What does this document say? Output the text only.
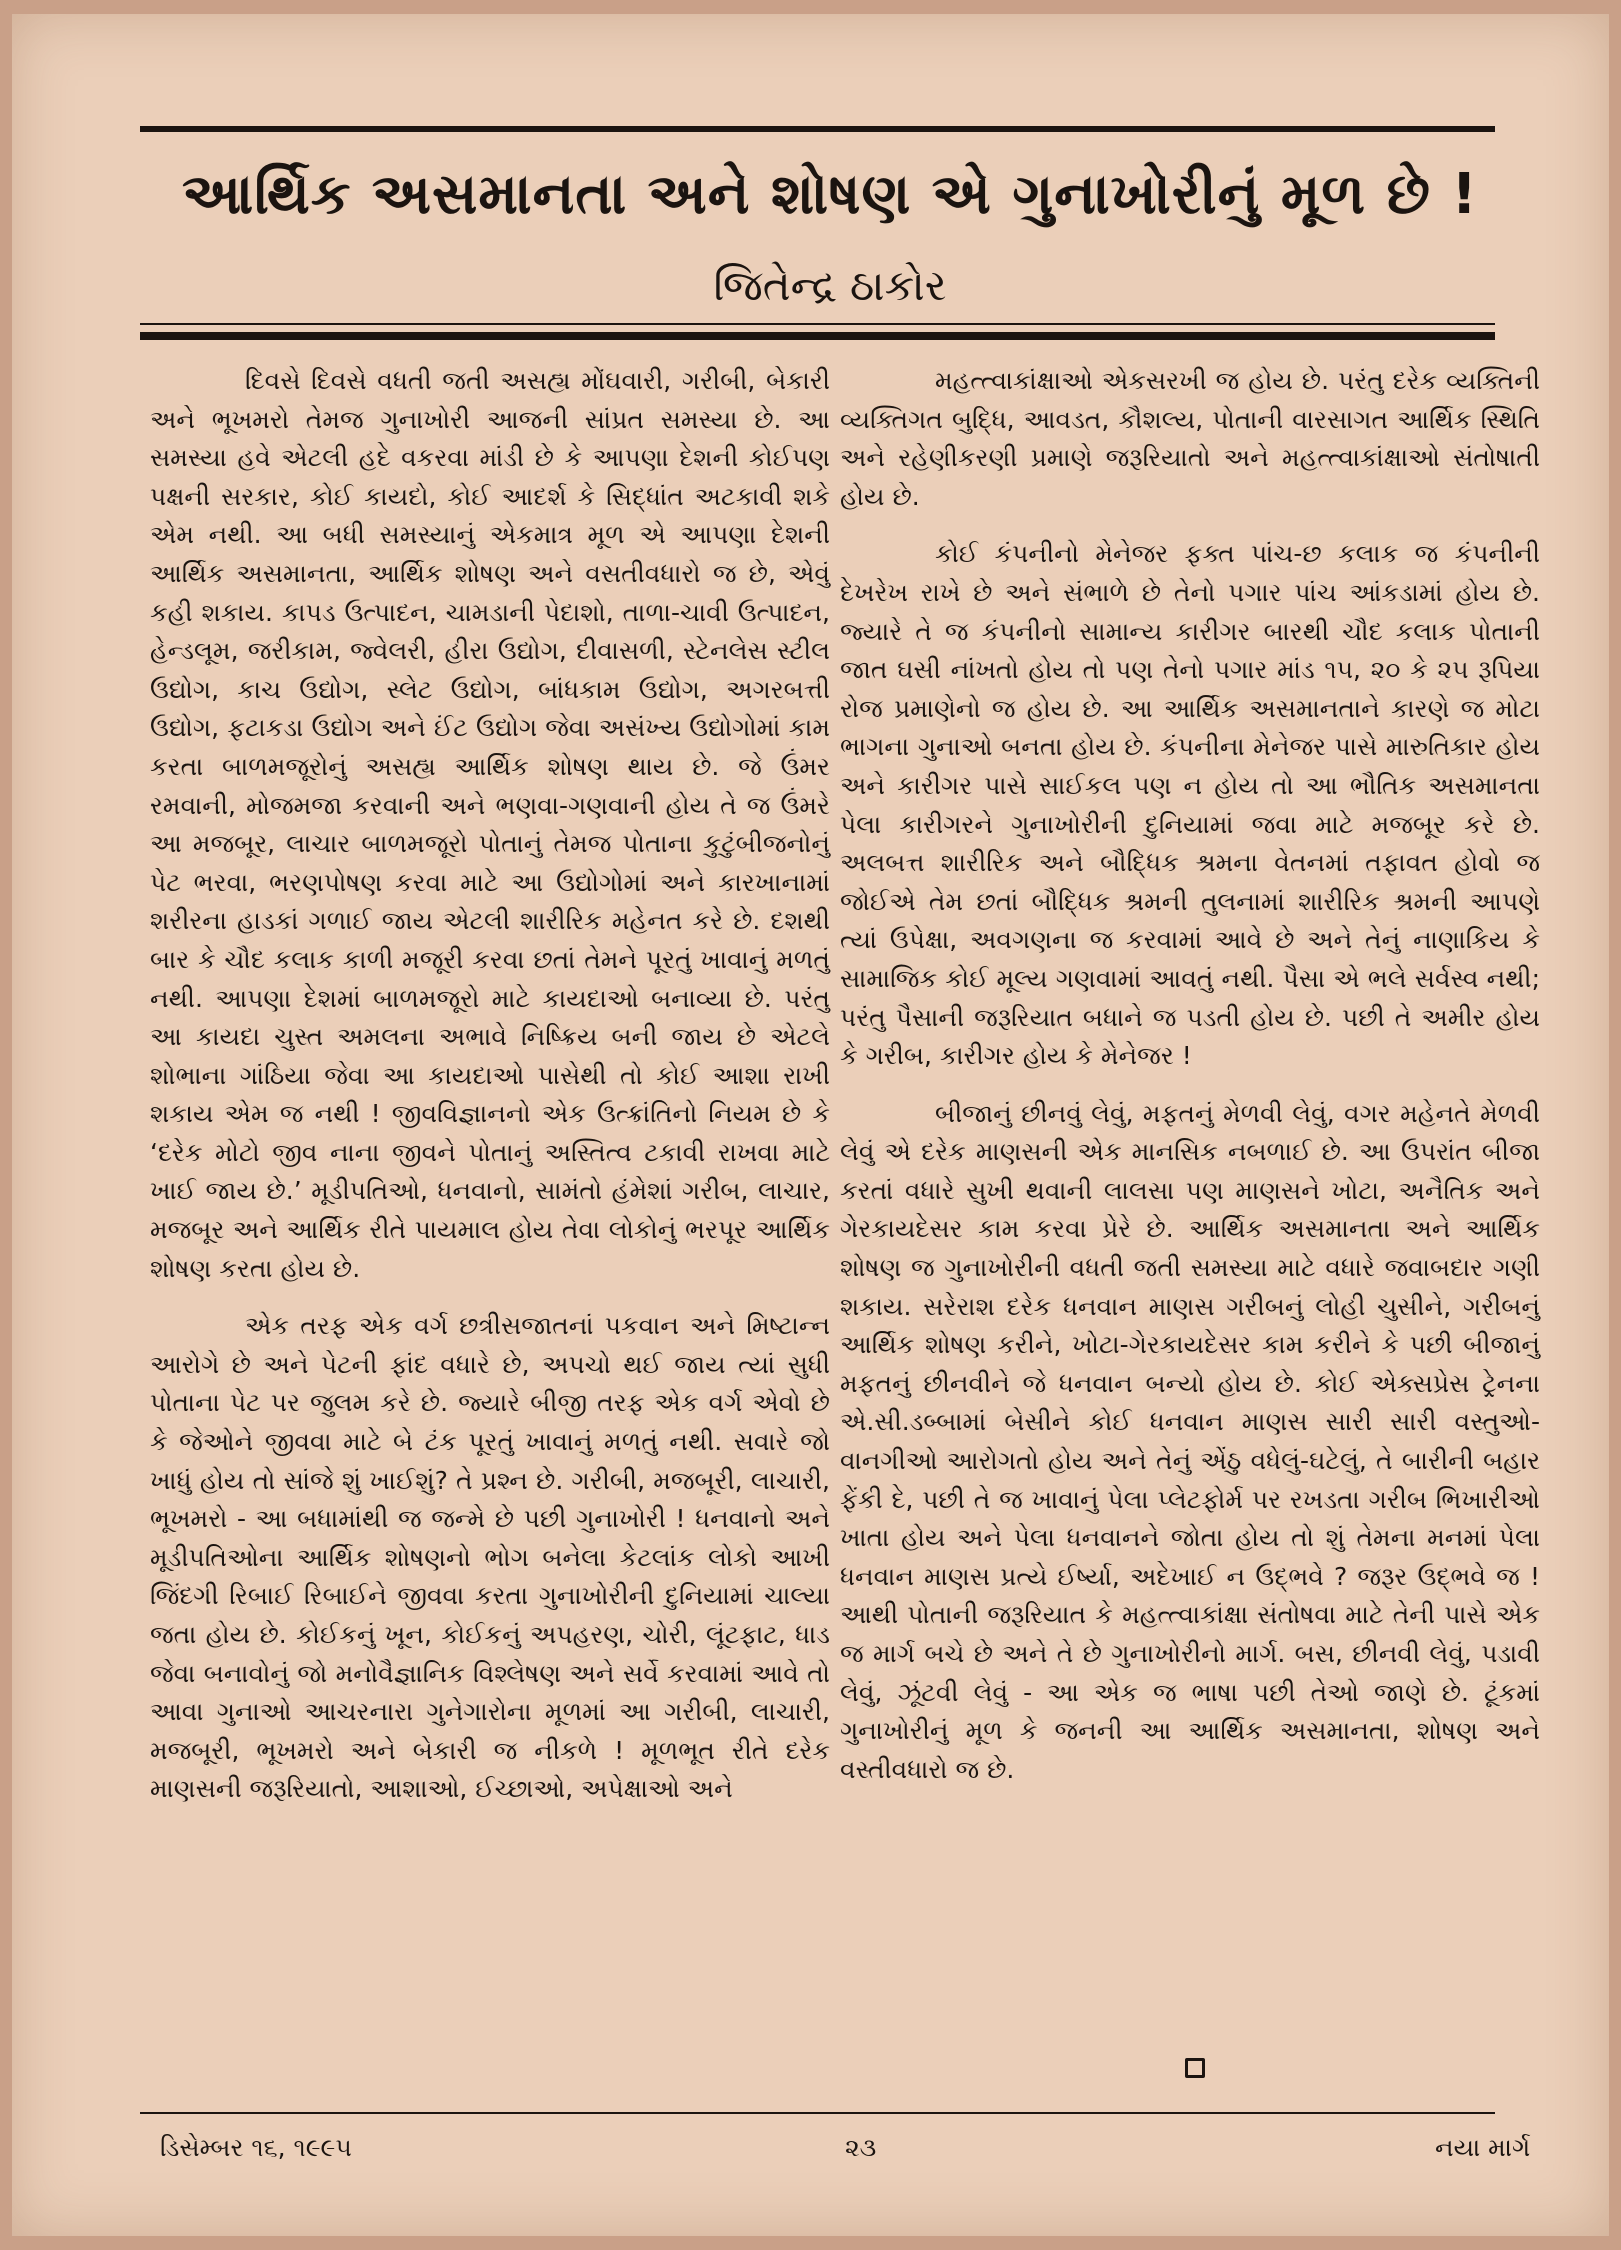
આર્થિક અસમાનતા અને શોષણ એ ગુનાખોરીનું મૂળ છે !
જિતેન્દ્ર ઠાકોર

દિવસે દિવસે વધતી જતી અસહ્ય મોંઘવારી, ગરીબી, બેકારી અને ભૂખમરો તેમજ ગુનાખોરી આજની સાંપ્રત સમસ્યા છે. આ સમસ્યા હવે એટલી હદે વકરવા માંડી છે કે આપણા દેશની કોઈપણ પક્ષની સરકાર, કોઈ કાયદો, કોઈ આદર્શ કે સિદ્ધાંત અટકાવી શકે એમ નથી. આ બધી સમસ્યાનું એકમાત્ર મૂળ એ આપણા દેશની આર્થિક અસમાનતા, આર્થિક શોષણ અને વસતીવધારો જ છે, એવું કહી શકાય. કાપડ ઉત્પાદન, ચામડાની પેદાશો, તાળા-ચાવી ઉત્પાદન, હેન્ડલૂમ, જરીકામ, જ્વેલરી, હીરા ઉદ્યોગ, દીવાસળી, સ્ટેનલેસ સ્ટીલ ઉદ્યોગ, કાચ ઉદ્યોગ, સ્લેટ ઉદ્યોગ, બાંધકામ ઉદ્યોગ, અગરબત્તી ઉદ્યોગ, ફટાકડા ઉદ્યોગ અને ઈંટ ઉદ્યોગ જેવા અસંખ્ય ઉદ્યોગોમાં કામ કરતા બાળમજૂરોનું અસહ્ય આર્થિક શોષણ થાય છે. જે ઉંમર રમવાની, મોજમજા કરવાની અને ભણવા-ગણવાની હોય તે જ ઉંમરે આ મજબૂર, લાચાર બાળમજૂરો પોતાનું તેમજ પોતાના કુટુંબીજનોનું પેટ ભરવા, ભરણપોષણ કરવા માટે આ ઉદ્યોગોમાં અને કારખાનામાં શરીરના હાડકાં ગળાઈ જાય એટલી શારીરિક મહેનત કરે છે. દશથી બાર કે ચૌદ કલાક કાળી મજૂરી કરવા છતાં તેમને પૂરતું ખાવાનું મળતું નથી. આપણા દેશમાં બાળમજૂરો માટે કાયદાઓ બનાવ્યા છે. પરંતુ આ કાયદા ચુસ્ત અમલના અભાવે નિષ્ક્રિય બની જાય છે એટલે શોભાના ગાંઠિયા જેવા આ કાયદાઓ પાસેથી તો કોઈ આશા રાખી શકાય એમ જ નથી ! જીવવિજ્ઞાનનો એક ઉત્ક્રાંતિનો નિયમ છે કે ‘દરેક મોટો જીવ નાના જીવને પોતાનું અસ્તિત્વ ટકાવી રાખવા માટે ખાઈ જાય છે.’ મૂડીપતિઓ, ધનવાનો, સામંતો હંમેશાં ગરીબ, લાચાર, મજબૂર અને આર્થિક રીતે પાયમાલ હોય તેવા લોકોનું ભરપૂર આર્થિક શોષણ કરતા હોય છે.

એક તરફ એક વર્ગ છત્રીસજાતનાં પકવાન અને મિષ્ટાન્ન આરોગે છે અને પેટની ફાંદ વધારે છે, અપચો થઈ જાય ત્યાં સુધી પોતાના પેટ પર જુલમ કરે છે. જ્યારે બીજી તરફ એક વર્ગ એવો છે કે જેઓને જીવવા માટે બે ટંક પૂરતું ખાવાનું મળતું નથી. સવારે જો ખાધું હોય તો સાંજે શું ખાઈશું? તે પ્રશ્ન છે. ગરીબી, મજબૂરી, લાચારી, ભૂખમરો - આ બધામાંથી જ જન્મે છે પછી ગુનાખોરી ! ધનવાનો અને મૂડીપતિઓના આર્થિક શોષણનો ભોગ બનેલા કેટલાંક લોકો આખી જિંદગી રિબાઈ રિબાઈને જીવવા કરતા ગુનાખોરીની દુનિયામાં ચાલ્યા જતા હોય છે. કોઈકનું ખૂન, કોઈકનું અપહરણ, ચોરી, લૂંટફાટ, ધાડ જેવા બનાવોનું જો મનોવૈજ્ઞાનિક વિશ્લેષણ અને સર્વે કરવામાં આવે તો આવા ગુનાઓ આચરનારા ગુનેગારોના મૂળમાં આ ગરીબી, લાચારી, મજબૂરી, ભૂખમરો અને બેકારી જ નીકળે ! મૂળભૂત રીતે દરેક માણસની જરૂરિયાતો, આશાઓ, ઈચ્છાઓ, અપેક્ષાઓ અને

મહત્ત્વાકાંક્ષાઓ એકસરખી જ હોય છે. પરંતુ દરેક વ્યક્તિની વ્યક્તિગત બુદ્ધિ, આવડત, કૌશલ્ય, પોતાની વારસાગત આર્થિક સ્થિતિ અને રહેણીકરણી પ્રમાણે જરૂરિયાતો અને મહત્ત્વાકાંક્ષાઓ સંતોષાતી હોય છે.

કોઈ કંપનીનો મેનેજર ફક્ત પાંચ-છ કલાક જ કંપનીની દેખરેખ રાખે છે અને સંભાળે છે તેનો પગાર પાંચ આંકડામાં હોય છે. જ્યારે તે જ કંપનીનો સામાન્ય કારીગર બારથી ચૌદ કલાક પોતાની જાત ઘસી નાંખતો હોય તો પણ તેનો પગાર માંડ ૧૫, ૨૦ કે ૨૫ રૂપિયા રોજ પ્રમાણેનો જ હોય છે. આ આર્થિક અસમાનતાને કારણે જ મોટા ભાગના ગુનાઓ બનતા હોય છે. કંપનીના મેનેજર પાસે મારુતિકાર હોય અને કારીગર પાસે સાઈકલ પણ ન હોય તો આ ભૌતિક અસમાનતા પેલા કારીગરને ગુનાખોરીની દુનિયામાં જવા માટે મજબૂર કરે છે. અલબત્ત શારીરિક અને બૌદ્ધિક શ્રમના વેતનમાં તફાવત હોવો જ જોઈએ તેમ છતાં બૌદ્ધિક શ્રમની તુલનામાં શારીરિક શ્રમની આપણે ત્યાં ઉપેક્ષા, અવગણના જ કરવામાં આવે છે અને તેનું નાણાકિય કે સામાજિક કોઈ મૂલ્ય ગણવામાં આવતું નથી. પૈસા એ ભલે સર્વસ્વ નથી; પરંતુ પૈસાની જરૂરિયાત બધાને જ પડતી હોય છે. પછી તે અમીર હોય કે ગરીબ, કારીગર હોય કે મેનેજર !

બીજાનું છીનવું લેવું, મફતનું મેળવી લેવું, વગર મહેનતે મેળવી લેવું એ દરેક માણસની એક માનસિક નબળાઈ છે. આ ઉપરાંત બીજા કરતાં વધારે સુખી થવાની લાલસા પણ માણસને ખોટા, અનૈતિક અને ગેરકાયદેસર કામ કરવા પ્રેરે છે. આર્થિક અસમાનતા અને આર્થિક શોષણ જ ગુનાખોરીની વધતી જતી સમસ્યા માટે વધારે જવાબદાર ગણી શકાય. સરેરાશ દરેક ધનવાન માણસ ગરીબનું લોહી ચુસીને, ગરીબનું આર્થિક શોષણ કરીને, ખોટા-ગેરકાયદેસર કામ કરીને કે પછી બીજાનું મફતનું છીનવીને જે ધનવાન બન્યો હોય છે. કોઈ એક્સપ્રેસ ટ્રેનના એ.સી.ડબ્બામાં બેસીને કોઈ ધનવાન માણસ સારી સારી વસ્તુઓ-વાનગીઓ આરોગતો હોય અને તેનું એંઠુ વધેલું-ઘટેલું, તે બારીની બહાર ફેંકી દે, પછી તે જ ખાવાનું પેલા પ્લેટફોર્મ પર રખડતા ગરીબ ભિખારીઓ ખાતા હોય અને પેલા ધનવાનને જોતા હોય તો શું તેમના મનમાં પેલા ધનવાન માણસ પ્રત્યે ઈર્ષ્યા, અદેખાઈ ન ઉદ્ભવે ? જરૂર ઉદ્ભવે જ ! આથી પોતાની જરૂરિયાત કે મહત્ત્વાકાંક્ષા સંતોષવા માટે તેની પાસે એક જ માર્ગ બચે છે અને તે છે ગુનાખોરીનો માર્ગ. બસ, છીનવી લેવું, પડાવી લેવું, ઝૂંટવી લેવું - આ એક જ ભાષા પછી તેઓ જાણે છે. ટૂંકમાં ગુનાખોરીનું મૂળ કે જનની આ આર્થિક અસમાનતા, શોષણ અને વસ્તીવધારો જ છે.

ડિસેમ્બર ૧૬, ૧૯૯૫	૨૩	નયા માર્ગ
